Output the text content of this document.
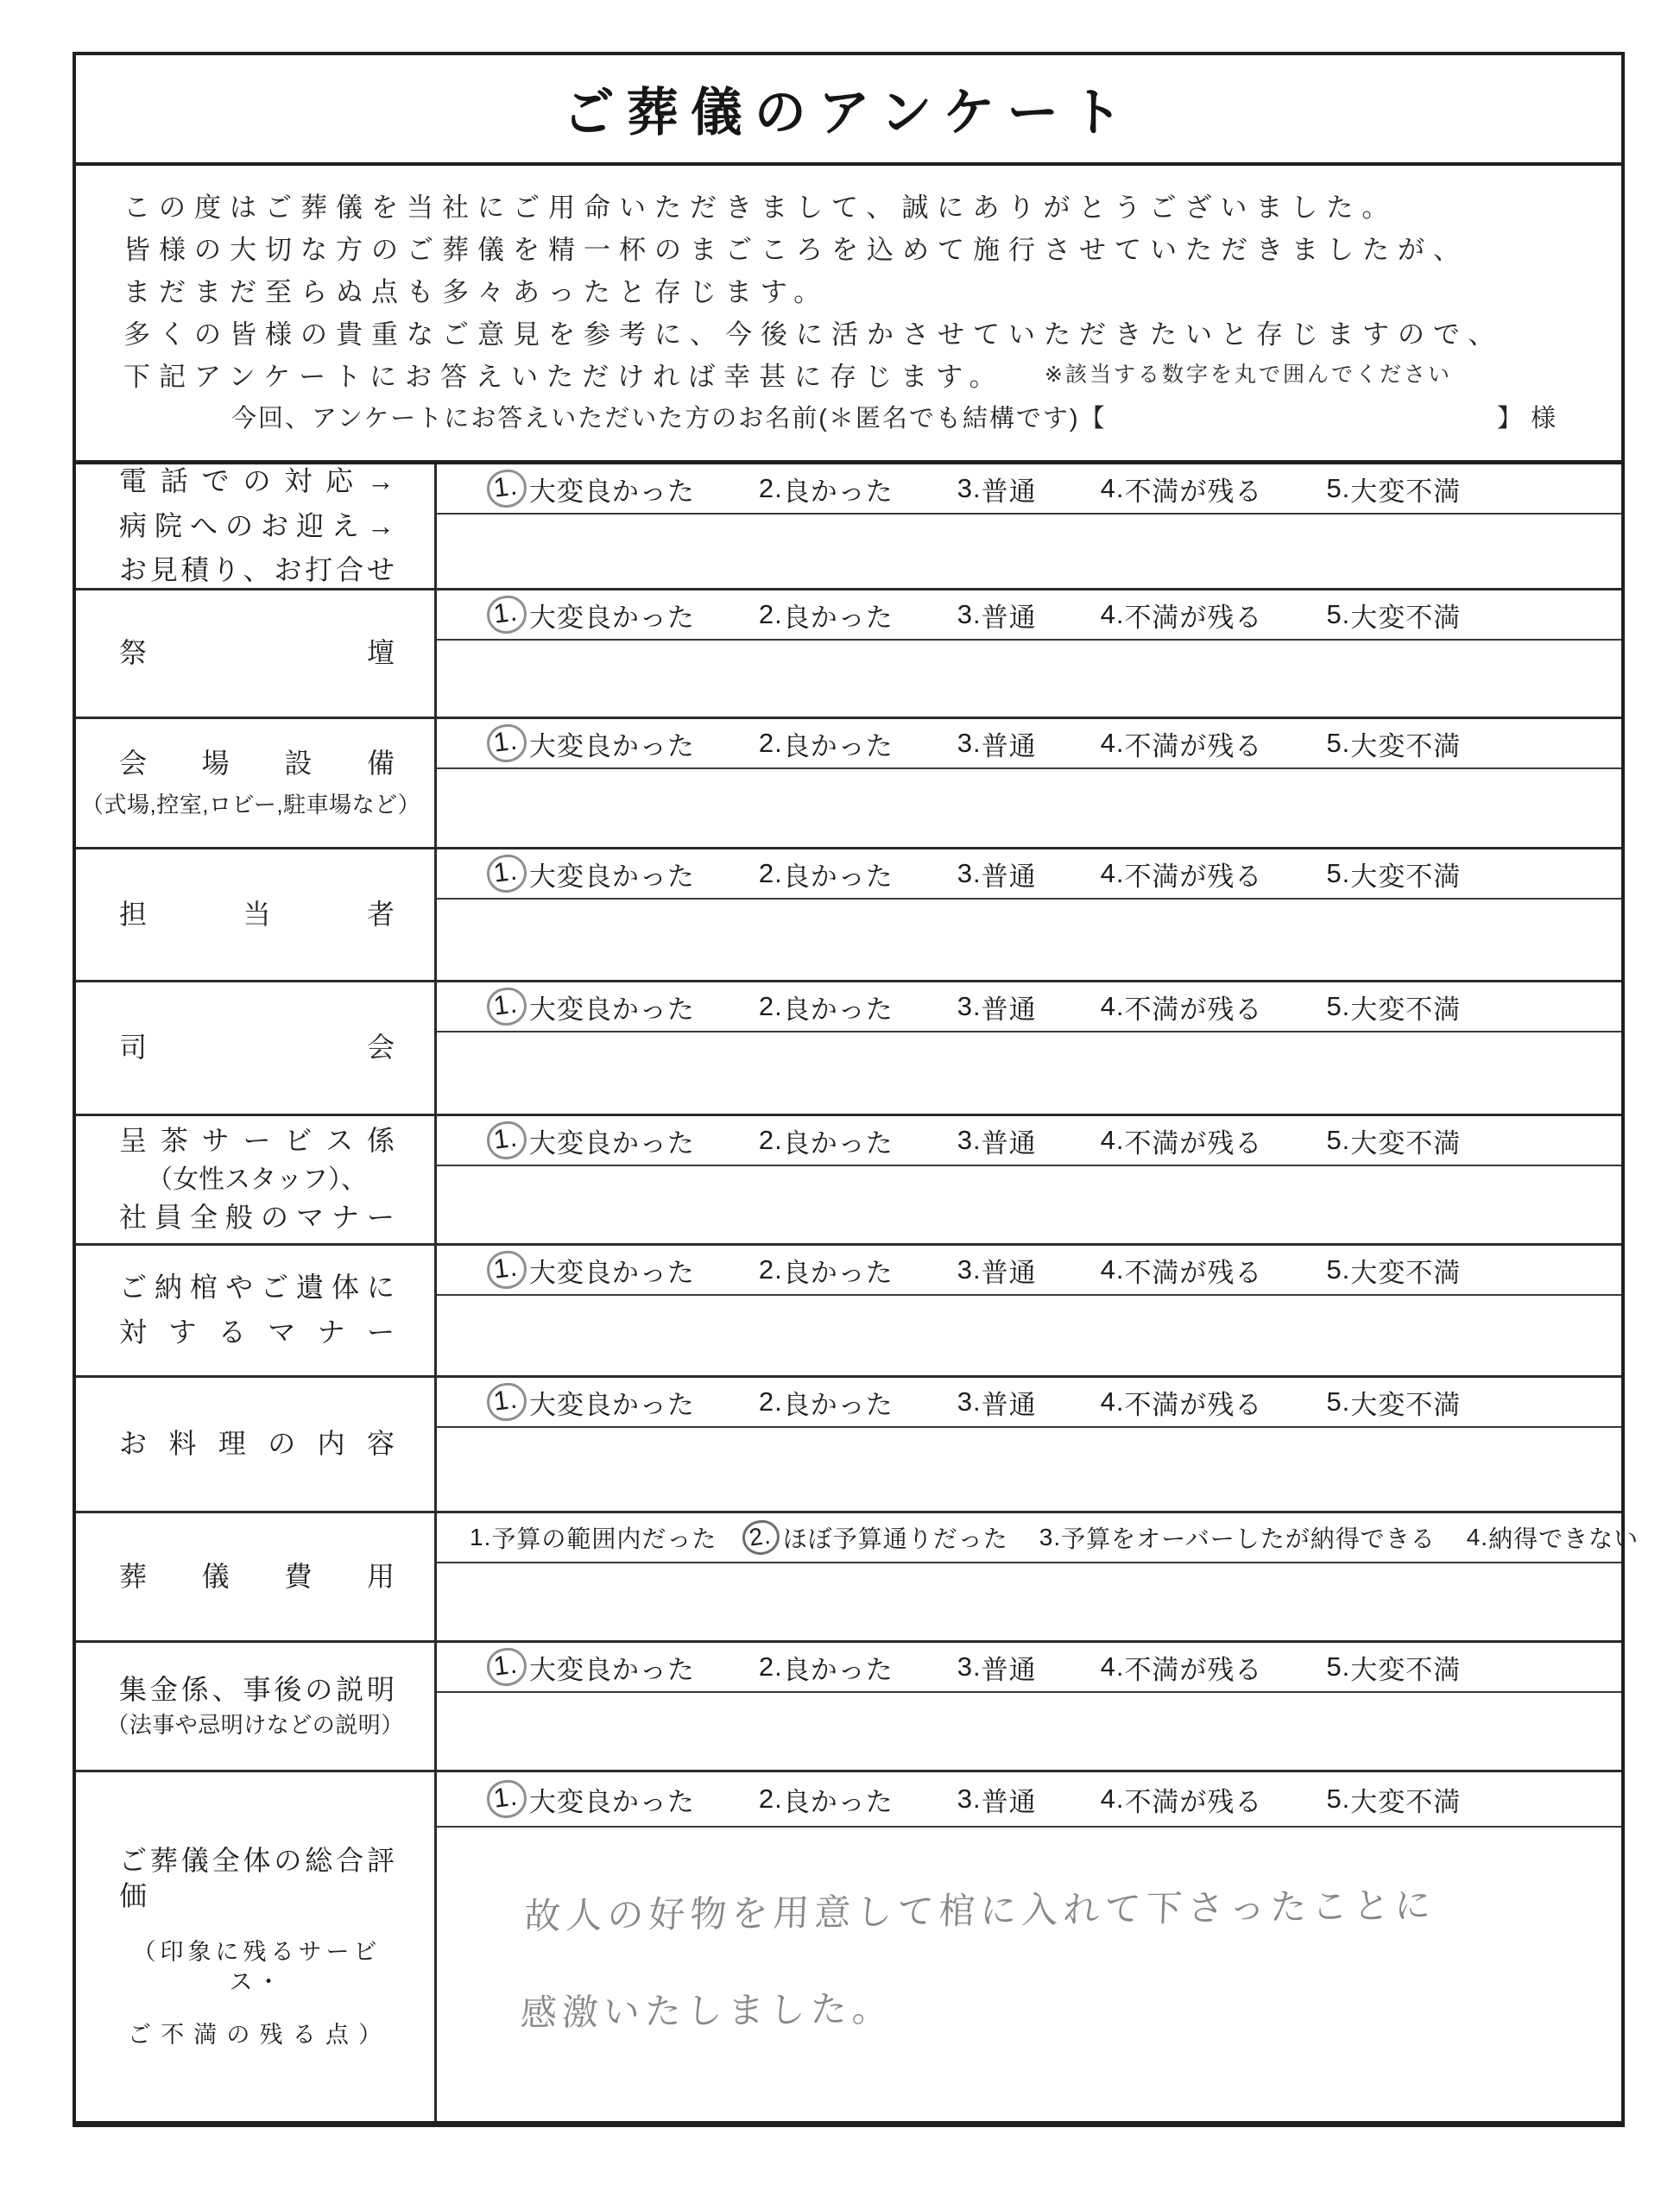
ご葬儀のアンケート
この度はご葬儀を当社にご用命いただきまして、誠にありがとうございました。
皆様の大切な方のご葬儀を精一杯のまごころを込めて施行させていただきましたが、
まだまだ至らぬ点も多々あったと存じます。
多くの皆様の貴重なご意見を参考に、今後に活かさせていただきたいと存じますので、
下記アンケートにお答えいただければ幸甚に存じます。	※該当する数字を丸で囲んでください
今回、アンケートにお答えいただいた方のお名前(＊匿名でも結構です)【	】様
電話での対応→
病院へのお迎え→
お見積り、お打合せ
1. 大変良かった 2. 良かった 3. 普通 4. 不満が残る 5. 大変不満
祭壇
1. 大変良かった 2. 良かった 3. 普通 4. 不満が残る 5. 大変不満
会場設備
（式場,控室,ロビー,駐車場など）
1. 大変良かった 2. 良かった 3. 普通 4. 不満が残る 5. 大変不満
担当者
1. 大変良かった 2. 良かった 3. 普通 4. 不満が残る 5. 大変不満
司会
1. 大変良かった 2. 良かった 3. 普通 4. 不満が残る 5. 大変不満
呈茶サービス係
（女性スタッフ）、
社員全般のマナー
1. 大変良かった 2. 良かった 3. 普通 4. 不満が残る 5. 大変不満
ご納棺やご遺体に
対するマナー
1. 大変良かった 2. 良かった 3. 普通 4. 不満が残る 5. 大変不満
お料理の内容
1. 大変良かった 2. 良かった 3. 普通 4. 不満が残る 5. 大変不満
葬儀費用
1. 予算の範囲内だった 2. ほぼ予算通りだった 3. 予算をオーバーしたが納得できる 4. 納得できない
集金係、事後の説明
（法事や忌明けなどの説明）
1. 大変良かった 2. 良かった 3. 普通 4. 不満が残る 5. 大変不満
ご葬儀全体の総合評価
（印象に残るサービス・
ご不満の残る点）
1. 大変良かった 2. 良かった 3. 普通 4. 不満が残る 5. 大変不満
故人の好物を用意して棺に入れて下さったことに
感激いたしました。
